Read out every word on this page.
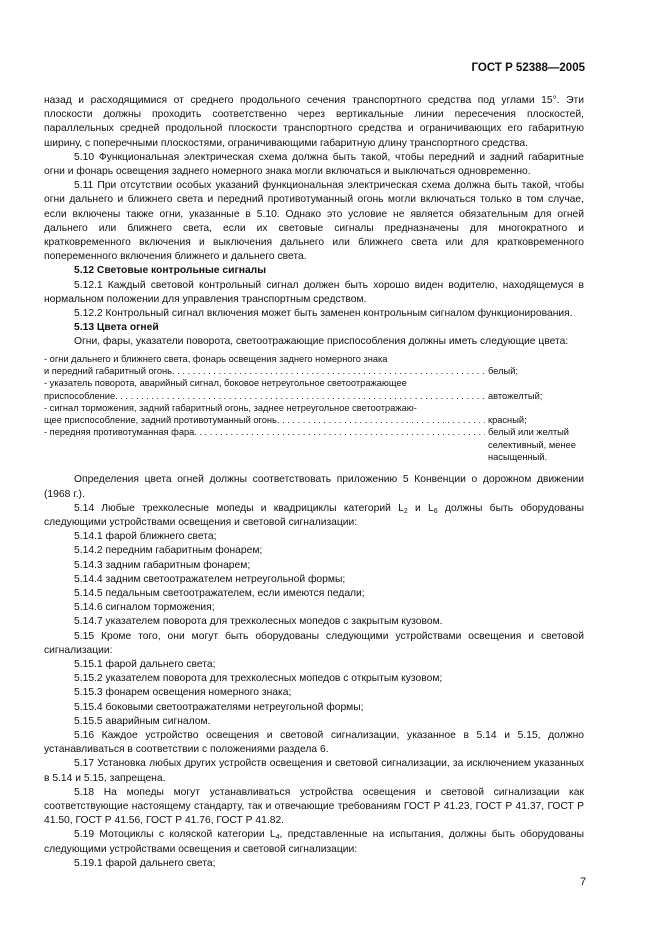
ГОСТ Р 52388—2005

назад и расходящимися от среднего продольного сечения транспортного средства под углами 15°. Эти плоскости должны проходить соответственно через вертикальные линии пересечения плоскостей, параллельных средней продольной плоскости транспортного средства и ограничивающих его габаритную ширину, с поперечными плоскостями, ограничивающими габаритную длину транспортного средства.

5.10 Функциональная электрическая схема должна быть такой, чтобы передний и задний габаритные огни и фонарь освещения заднего номерного знака могли включаться и выключаться одновременно.

5.11 При отсутствии особых указаний функциональная электрическая схема должна быть такой, чтобы огни дальнего и ближнего света и передний противотуманный огонь могли включаться только в том случае, если включены также огни, указанные в 5.10. Однако это условие не является обязательным для огней дальнего или ближнего света, если их световые сигналы предназначены для многократного и кратковременного включения и выключения дальнего или ближнего света или для кратковременного попеременного включения ближнего и дальнего света.

5.12 Световые контрольные сигналы

5.12.1 Каждый световой контрольный сигнал должен быть хорошо виден водителю, находящемуся в нормальном положении для управления транспортным средством.

5.12.2 Контрольный сигнал включения может быть заменен контрольным сигналом функционирования.

5.13 Цвета огней

Огни, фары, указатели поворота, светоотражающие приспособления должны иметь следующие цвета:

- огни дальнего и ближнего света, фонарь освещения заднего номерного знака
и передний габаритный огонь . . .
	белый;
- указатель поворота, аварийный сигнал, боковое нетреугольное светоотражающее
приспособление . . .
	автожелтый;
- сигнал торможения, задний габаритный огонь, заднее нетреугольное светоотражаю-
щее приспособление, задний противотуманный огонь . . .
	красный;
- передняя противотуманная фара . . .	белый или желтый
селективный, менее
насыщенный.

Определения цвета огней должны соответствовать приложению 5 Конвенции о дорожном движении (1968 г.).

5.14 Любые трехколесные мопеды и квадрициклы категорий $L_2$ и $L_6$ должны быть оборудованы следующими устройствами освещения и световой сигнализации:

5.14.1 фарой ближнего света;

5.14.2 передним габаритным фонарем;

5.14.3 задним габаритным фонарем;

5.14.4 задним светоотражателем нетреугольной формы;

5.14.5 педальным светоотражателем, если имеются педали;

5.14.6 сигналом торможения;

5.14.7 указателем поворота для трехколесных мопедов с закрытым кузовом.

5.15 Кроме того, они могут быть оборудованы следующими устройствами освещения и световой сигнализации:

5.15.1 фарой дальнего света;

5.15.2 указателем поворота для трехколесных мопедов с открытым кузовом;

5.15.3 фонарем освещения номерного знака;

5.15.4 боковыми светоотражателями нетреугольной формы;

5.15.5 аварийным сигналом.

5.16 Каждое устройство освещения и световой сигнализации, указанное в 5.14 и 5.15, должно устанавливаться в соответствии с положениями раздела 6.

5.17 Установка любых других устройств освещения и световой сигнализации, за исключением указанных в 5.14 и 5.15, запрещена.

5.18 На мопеды могут устанавливаться устройства освещения и световой сигнализации как соответствующие настоящему стандарту, так и отвечающие требованиям ГОСТ Р 41.23, ГОСТ Р 41.37, ГОСТ Р 41.50, ГОСТ Р 41.56, ГОСТ Р 41.76, ГОСТ Р 41.82.

5.19 Мотоциклы с коляской категории $L_4$, представленные на испытания, должны быть оборудованы следующими устройствами освещения и световой сигнализации:

5.19.1 фарой дальнего света;

7
